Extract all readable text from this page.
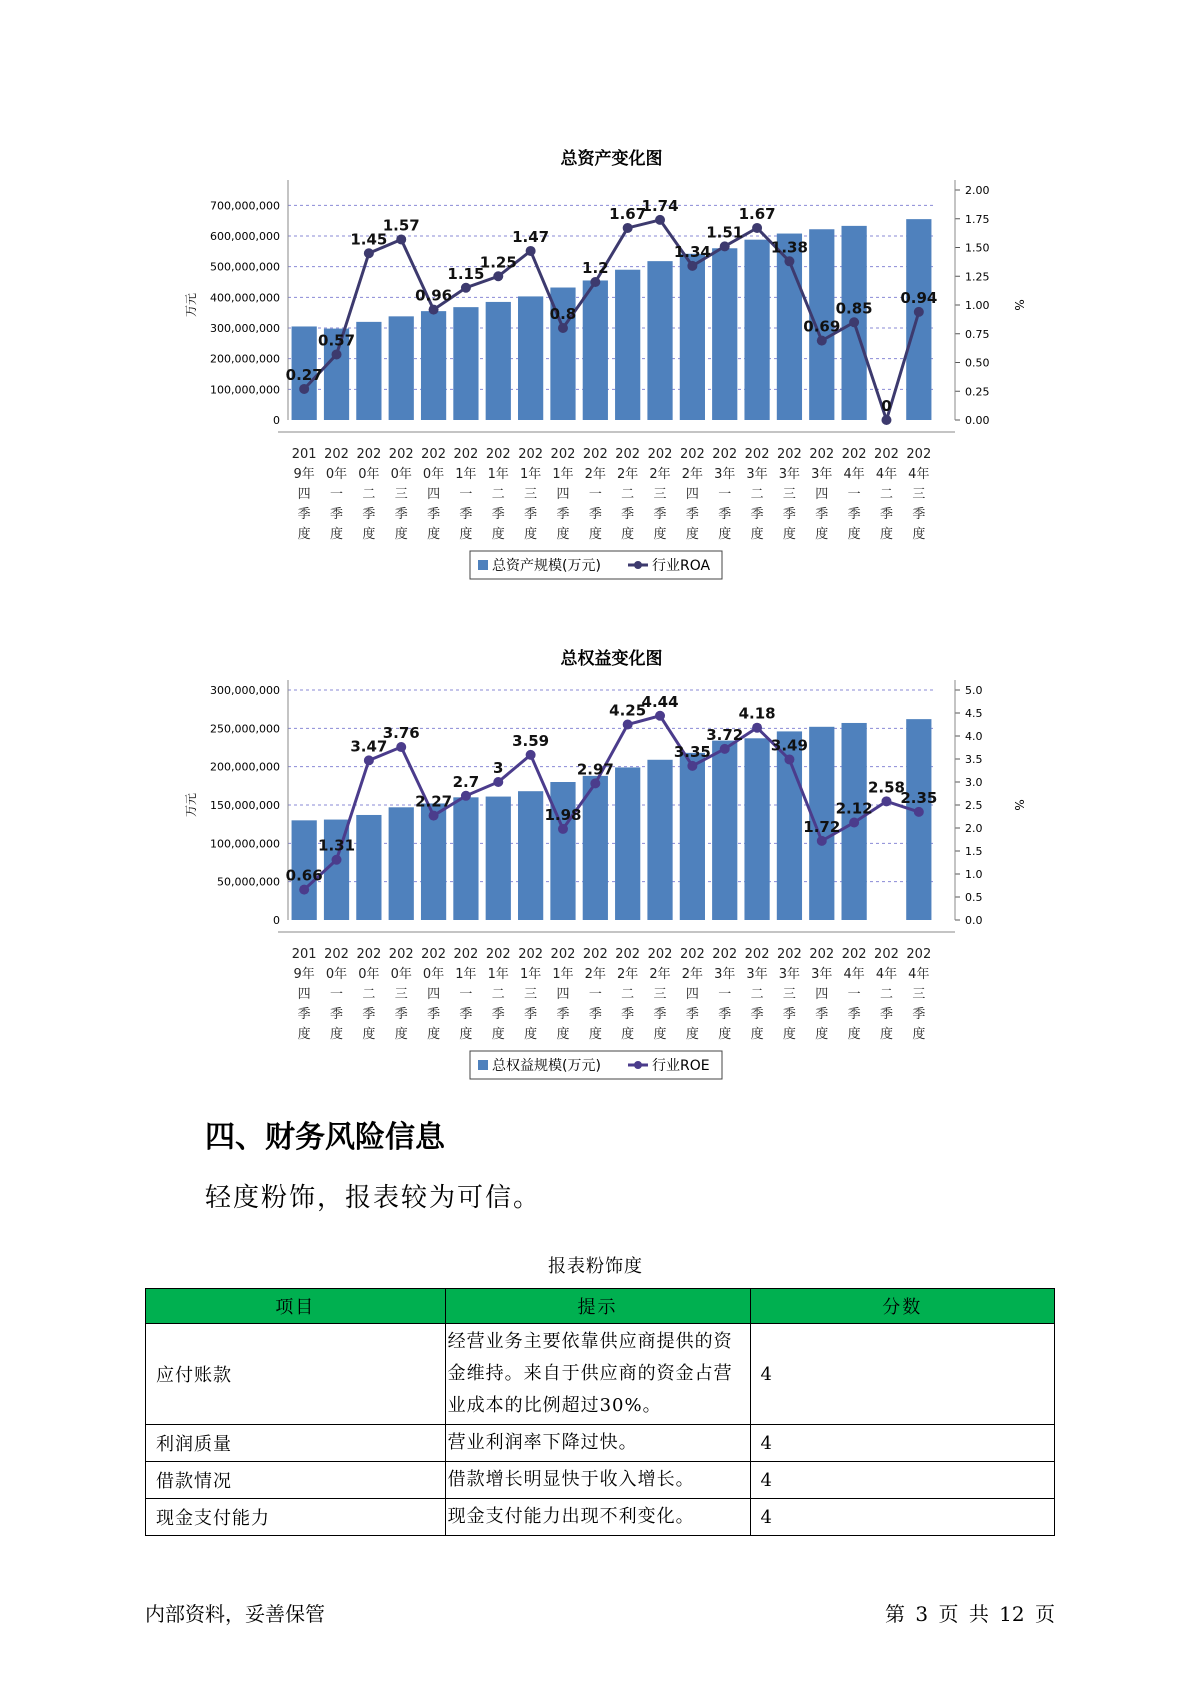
总资产变化图
0
100,000,000
200,000,000
300,000,000
400,000,000
500,000,000
600,000,000
700,000,000
0.00
0.25
0.50
0.75
1.00
1.25
1.50
1.75
2.00
万元	%
0.27
0.57
1.45
1.57
0.96
1.15
1.25
1.47
0.8
1.2
1.67
1.74
1.34
1.51
1.67
1.38
0.69
0.85
0
0.94
201
9年
四
季
度
202
0年
一
季
度
202
0年
二
季
度
202
0年
三
季
度
202
0年
四
季
度
202
1年
一
季
度
202
1年
二
季
度
202
1年
三
季
度
202
1年
四
季
度
202
2年
一
季
度
202
2年
二
季
度
202
2年
三
季
度
202
2年
四
季
度
202
3年
一
季
度
202
3年
二
季
度
202
3年
三
季
度
202
3年
四
季
度
202
4年
一
季
度
202
4年
二
季
度
202
4年
三
季
度
总资产规模(万元)	行业ROA
总权益变化图
0
50,000,000
100,000,000
150,000,000
200,000,000
250,000,000
300,000,000
0.0
0.5
1.0
1.5
2.0
2.5
3.0
3.5
4.0
4.5
5.0
万元	%
0.66
1.31
3.47
3.76
2.27
2.7
3
3.59
1.98
2.97
4.25
4.44
3.35
3.72
4.18
3.49
1.72
2.12
2.58
2.35
201
9年
四
季
度
202
0年
一
季
度
202
0年
二
季
度
202
0年
三
季
度
202
0年
四
季
度
202
1年
一
季
度
202
1年
二
季
度
202
1年
三
季
度
202
1年
四
季
度
202
2年
一
季
度
202
2年
二
季
度
202
2年
三
季
度
202
2年
四
季
度
202
3年
一
季
度
202
3年
二
季
度
202
3年
三
季
度
202
3年
四
季
度
202
4年
一
季
度
202
4年
二
季
度
202
4年
三
季
度
总权益规模(万元)	行业ROE
四、财务风险信息

轻度粉饰，报表较为可信。

报表粉饰度
项目	提示	分数
应付账款	经营业务主要依靠供应商提供的资金维持。来自于供应商的资金占营业成本的比例超过30%。	4
利润质量	营业利润率下降过快。	4
借款情况	借款增长明显快于收入增长。	4
现金支付能力	现金支付能力出现不利变化。	4
内部资料，妥善保管	第 3 页 共 12 页
